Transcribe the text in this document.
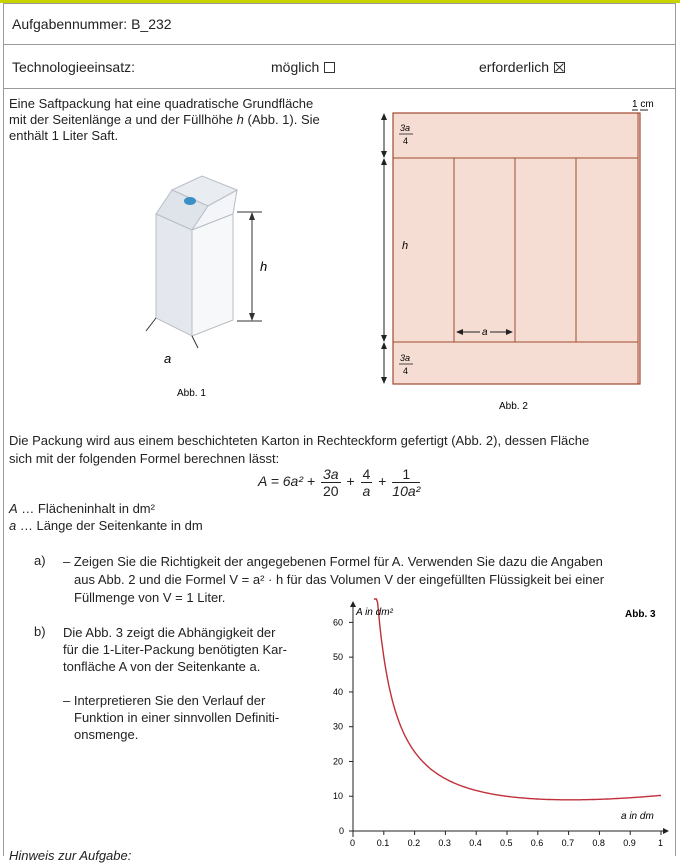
Aufgabennummer: B_232
Technologieeinsatz:	möglich	erforderlich
Eine Saftpackung hat eine quadratische Grundfläche
mit der Seitenlänge a und der Füllhöhe h (Abb. 1). Sie
enthält 1 Liter Saft.
h
a
Abb. 1
1 cm
3a
4
3a
4
h
a
Abb. 2
Die Packung wird aus einem beschichteten Karton in Rechteckform gefertigt (Abb. 2), dessen Fläche
sich mit der folgenden Formel berechnen lässt:
$A = 6a^2 + \frac{3a}{20} + \frac{4}{a} + \frac{1}{\text{10a²}}$
A … Flächeninhalt in dm²
a … Länge der Seitenkante in dm
a) – Zeigen Sie die Richtigkeit der angegebenen Formel für A. Verwenden Sie dazu die Angaben
aus Abb. 2 und die Formel V = a² · h für das Volumen V der eingefüllten Flüssigkeit bei einer
Füllmenge von V = 1 Liter.
b) Die Abb. 3 zeigt die Abhängigkeit der
für die 1-Liter-Packung benötigten Kar-
tonfläche A von der Seitenkante a.
– Interpretieren Sie den Verlauf der
Funktion in einer sinnvollen Definiti-
onsmenge.
0 0.1 0.2 0.3 0.4 0.5 0.6 0.7 0.8 0.9 1
0
10
20
30
40
50
60
A in dm²
a in dm
Abb. 3
Hinweis zur Aufgabe:
